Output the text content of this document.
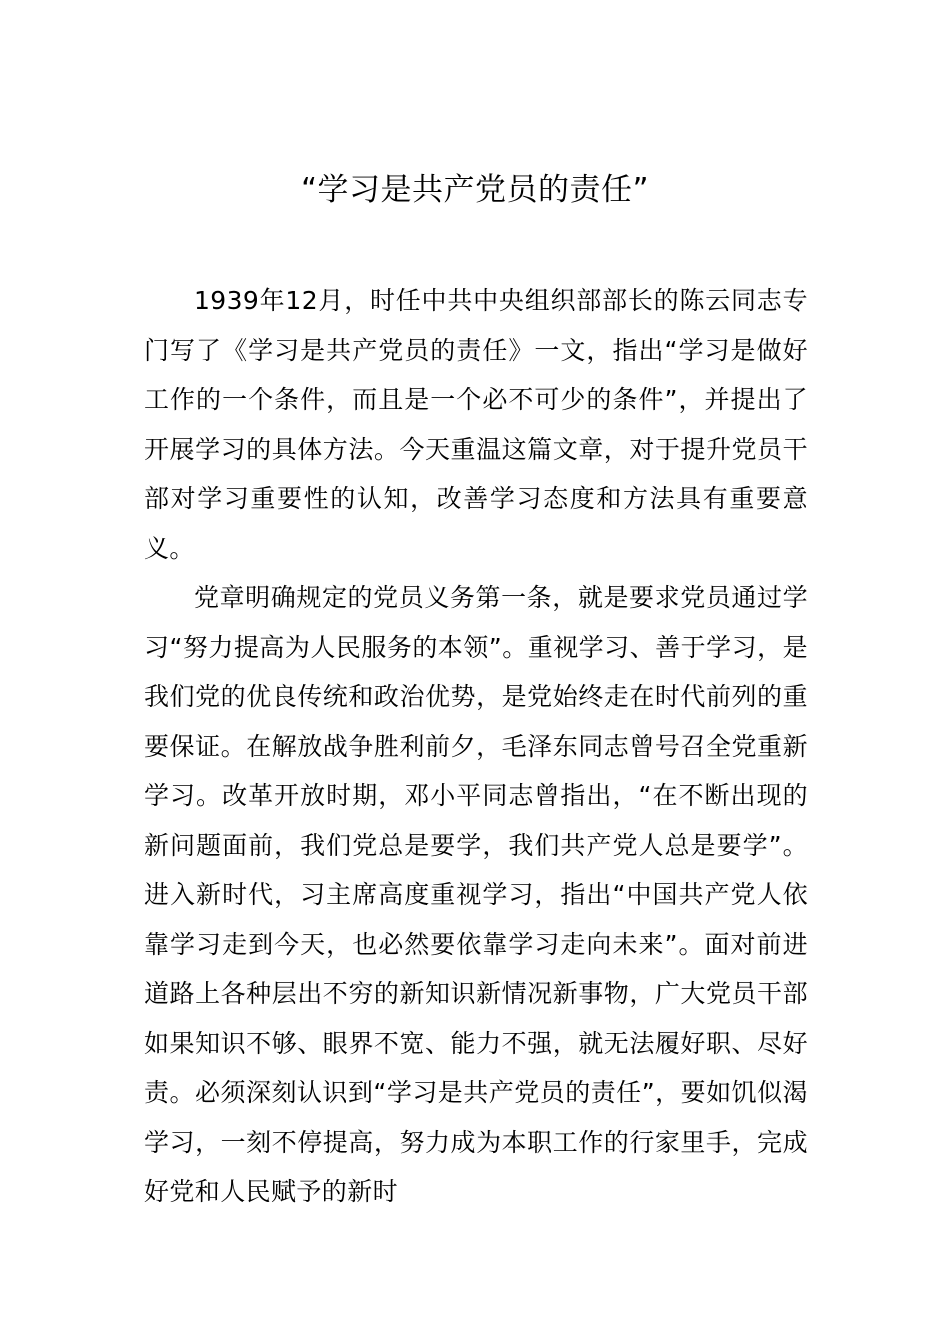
“学习是共产党员的责任”

1939年12月，时任中共中央组织部部长的陈云同志专门写了《学习是共产党员的责任》一文，指出“学习是做好工作的一个条件，而且是一个必不可少的条件”，并提出了开展学习的具体方法。今天重温这篇文章，对于提升党员干部对学习重要性的认知，改善学习态度和方法具有重要意义。

党章明确规定的党员义务第一条，就是要求党员通过学习“努力提高为人民服务的本领”。重视学习、善于学习，是我们党的优良传统和政治优势，是党始终走在时代前列的重要保证。在解放战争胜利前夕，毛泽东同志曾号召全党重新学习。改革开放时期，邓小平同志曾指出，“在不断出现的新问题面前，我们党总是要学，我们共产党人总是要学”。进入新时代，习主席高度重视学习，指出“中国共产党人依靠学习走到今天，也必然要依靠学习走向未来”。面对前进道路上各种层出不穷的新知识新情况新事物，广大党员干部如果知识不够、眼界不宽、能力不强，就无法履好职、尽好责。必须深刻认识到“学习是共产党员的责任”，要如饥似渴学习，一刻不停提高，努力成为本职工作的行家里手，完成好党和人民赋予的新时
